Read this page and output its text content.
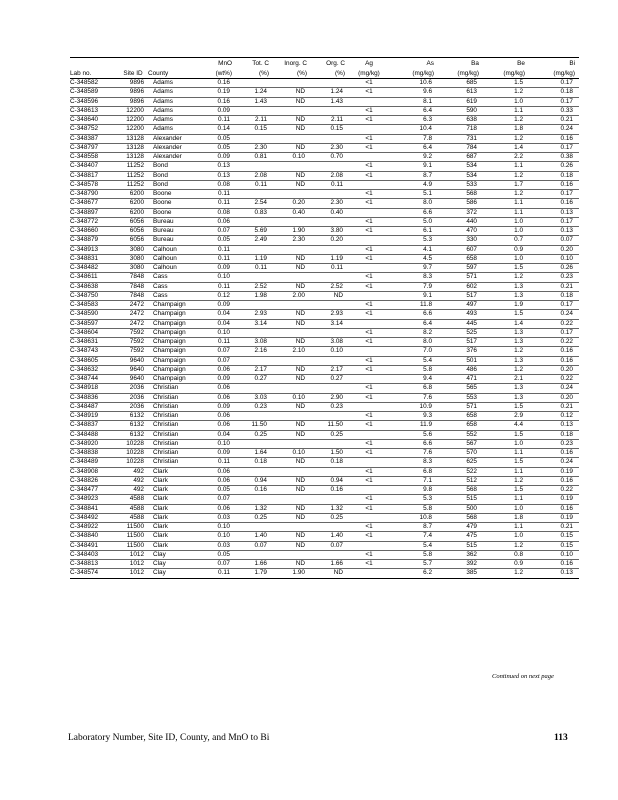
			MnO	Tot. C	Inorg. C	Org. C	Ag	As	Ba	Be	Bi
Lab no.	Site ID	County	(wt%)	(%)	(%)	(%)	(mg/kg)	(mg/kg)	(mg/kg)	(mg/kg)	(mg/kg)
C-348582	9896	Adams	0.16				<1	10.6	685	1.5	0.17
C-348589	9896	Adams	0.19	1.24	ND	1.24	<1	9.6	613	1.2	0.18
C-348596	9896	Adams	0.16	1.43	ND	1.43		8.1	619	1.0	0.17
C-348613	12200	Adams	0.09				<1	6.4	590	1.1	0.33
C-348640	12200	Adams	0.11	2.11	ND	2.11	<1	6.3	638	1.2	0.21
C-348752	12200	Adams	0.14	0.15	ND	0.15		10.4	718	1.8	0.24
C-348387	13128	Alexander	0.05				<1	7.8	731	1.2	0.16
C-348797	13128	Alexander	0.05	2.30	ND	2.30	<1	6.4	784	1.4	0.17
C-348558	13128	Alexander	0.09	0.81	0.10	0.70		9.2	687	2.2	0.38
C-348407	11252	Bond	0.13				<1	9.1	534	1.1	0.26
C-348817	11252	Bond	0.13	2.08	ND	2.08	<1	8.7	534	1.2	0.18
C-348578	11252	Bond	0.08	0.11	ND	0.11		4.9	533	1.7	0.16
C-348790	6200	Boone	0.11				<1	5.1	568	1.2	0.17
C-348677	6200	Boone	0.11	2.54	0.20	2.30	<1	8.0	586	1.1	0.16
C-348897	6200	Boone	0.08	0.83	0.40	0.40		6.6	372	1.1	0.13
C-348772	6056	Bureau	0.06				<1	5.0	440	1.0	0.17
C-348660	6056	Bureau	0.07	5.69	1.90	3.80	<1	6.1	470	1.0	0.13
C-348879	6056	Bureau	0.05	2.49	2.30	0.20		5.3	330	0.7	0.07
C-348913	3080	Calhoun	0.11				<1	4.1	607	0.9	0.20
C-348831	3080	Calhoun	0.11	1.19	ND	1.19	<1	4.5	658	1.0	0.10
C-348482	3080	Calhoun	0.09	0.11	ND	0.11		9.7	597	1.5	0.26
C-348611	7848	Cass	0.10				<1	8.3	571	1.2	0.23
C-348638	7848	Cass	0.11	2.52	ND	2.52	<1	7.9	602	1.3	0.21
C-348750	7848	Cass	0.12	1.98	2.00	ND		9.1	517	1.3	0.18
C-348583	2472	Champaign	0.09				<1	11.8	497	1.9	0.17
C-348590	2472	Champaign	0.04	2.93	ND	2.93	<1	6.6	493	1.5	0.24
C-348597	2472	Champaign	0.04	3.14	ND	3.14		6.4	445	1.4	0.22
C-348604	7592	Champaign	0.10				<1	8.2	525	1.3	0.17
C-348631	7592	Champaign	0.11	3.08	ND	3.08	<1	8.0	517	1.3	0.22
C-348743	7592	Champaign	0.07	2.16	2.10	0.10		7.0	376	1.2	0.16
C-348605	9640	Champaign	0.07				<1	5.4	501	1.3	0.16
C-348632	9640	Champaign	0.06	2.17	ND	2.17	<1	5.8	486	1.2	0.20
C-348744	9640	Champaign	0.09	0.27	ND	0.27		9.4	471	2.1	0.22
C-348918	2036	Christian	0.06				<1	6.8	565	1.3	0.24
C-348836	2036	Christian	0.06	3.03	0.10	2.90	<1	7.6	553	1.3	0.20
C-348487	2036	Christian	0.09	0.23	ND	0.23		10.9	571	1.5	0.21
C-348919	6132	Christian	0.06				<1	9.3	658	2.9	0.12
C-348837	6132	Christian	0.06	11.50	ND	11.50	<1	11.9	658	4.4	0.13
C-348488	6132	Christian	0.04	0.25	ND	0.25		5.6	552	1.5	0.18
C-348920	10228	Christian	0.10				<1	6.6	567	1.0	0.23
C-348838	10228	Christian	0.09	1.64	0.10	1.50	<1	7.6	570	1.1	0.16
C-348489	10228	Christian	0.11	0.18	ND	0.18		8.3	625	1.5	0.24
C-348908	492	Clark	0.06				<1	6.8	522	1.1	0.19
C-348826	492	Clark	0.06	0.94	ND	0.94	<1	7.1	512	1.2	0.16
C-348477	492	Clark	0.05	0.16	ND	0.16		9.8	568	1.5	0.22
C-348923	4588	Clark	0.07				<1	5.3	515	1.1	0.19
C-348841	4588	Clark	0.06	1.32	ND	1.32	<1	5.8	500	1.0	0.16
C-348492	4588	Clark	0.03	0.25	ND	0.25		10.8	568	1.8	0.19
C-348922	11500	Clark	0.10				<1	8.7	479	1.1	0.21
C-348840	11500	Clark	0.10	1.40	ND	1.40	<1	7.4	475	1.0	0.15
C-348491	11500	Clark	0.03	0.07	ND	0.07		5.4	515	1.2	0.15
C-348403	1012	Clay	0.05				<1	5.8	362	0.8	0.10
C-348813	1012	Clay	0.07	1.66	ND	1.66	<1	5.7	392	0.9	0.16
C-348574	1012	Clay	0.11	1.79	1.90	ND		6.2	385	1.2	0.13
Continued on next page
Laboratory Number, Site ID, County, and MnO to Bi	113
